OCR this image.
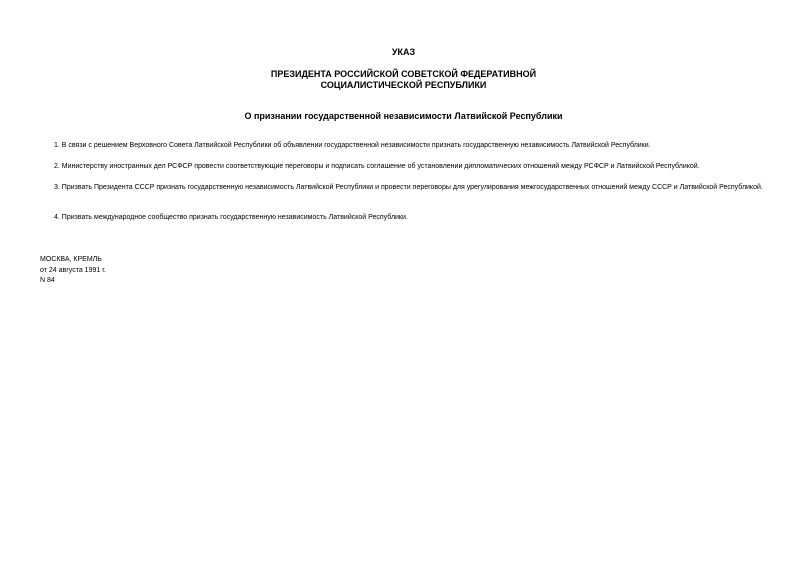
УКАЗ
ПРЕЗИДЕНТА РОССИЙСКОЙ СОВЕТСКОЙ ФЕДЕРАТИВНОЙ
СОЦИАЛИСТИЧЕСКОЙ РЕСПУБЛИКИ
О признании государственной независимости Латвийской Республики

1. В связи с решением Верховного Совета Латвийской Республики об объявлении государственной независимости признать государственную независимость Латвийской Республики.

2. Министерству иностранных дел РСФСР провести соответствующие переговоры и подписать соглашение об установлении дипломатических отношений между РСФСР и Латвийской Республикой.

3. Призвать Президента СССР признать государственную независимость Латвийской Республики и провести переговоры для урегулирования межгосударственных отношений между СССР и Латвийской Республикой.

4. Призвать международное сообщество признать государственную независимость Латвийской Республики.

МОСКВА, КРЕМЛЬ
от 24 августа 1991 г.
N 84
